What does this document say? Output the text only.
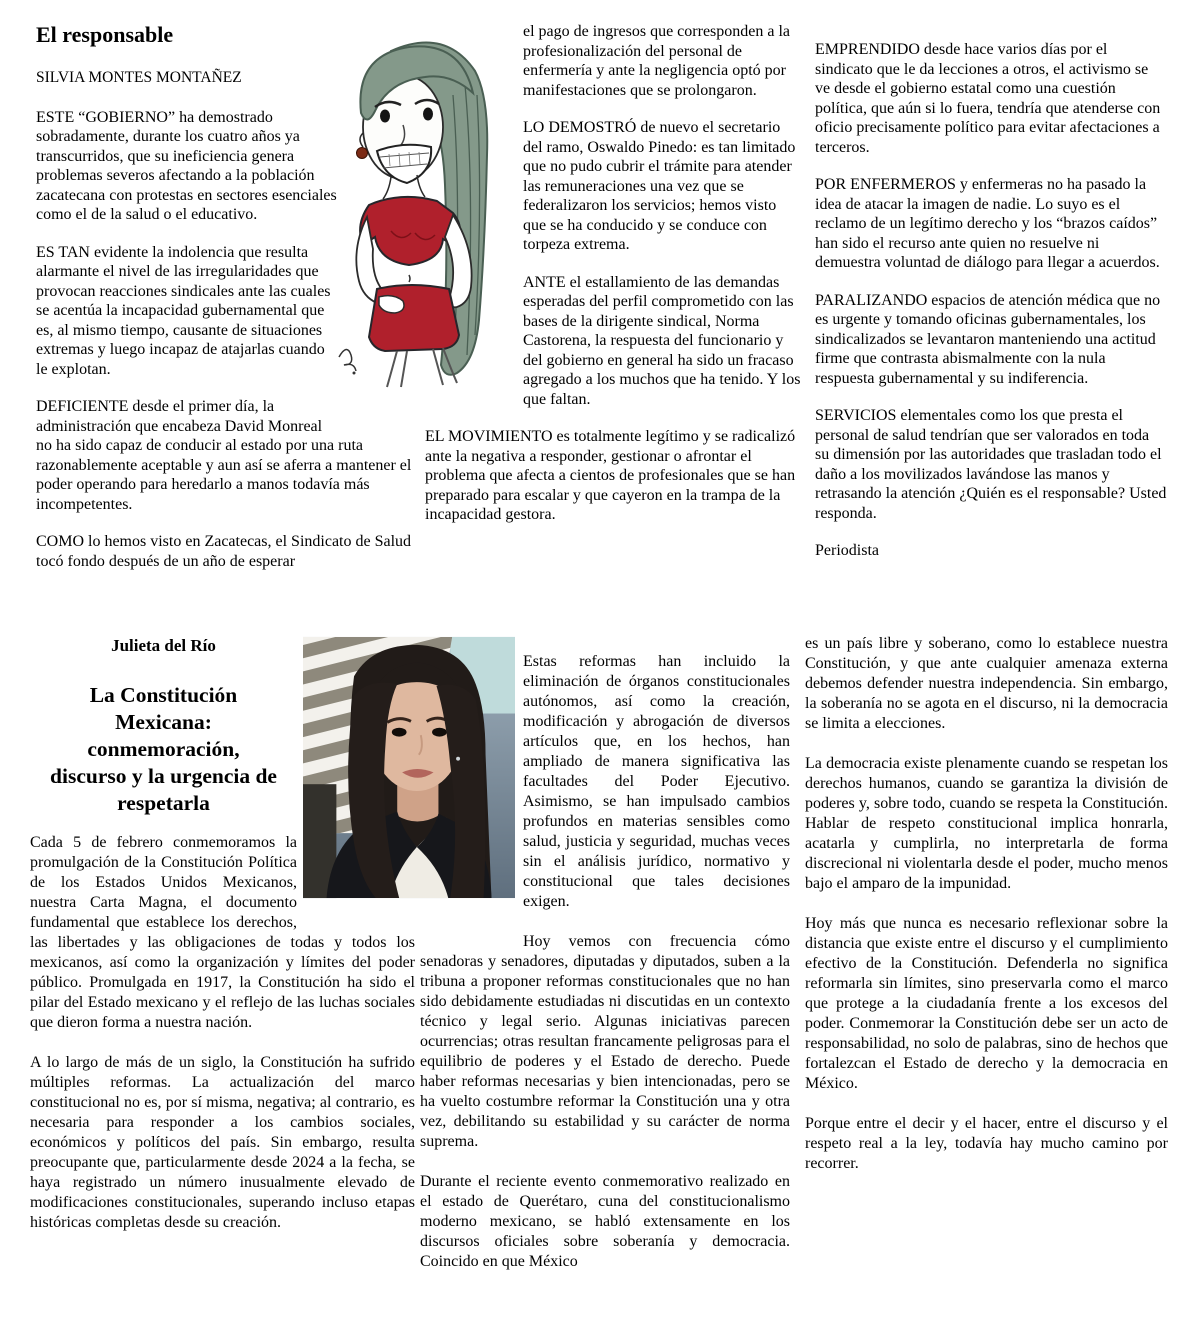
El responsable
SILVIA MONTES MONTAÑEZ

ESTE “GOBIERNO” ha demostrado sobradamente, durante los cuatro años ya transcurridos, que su ineficiencia genera problemas severos afectando a la población zacatecana con protestas en sectores esenciales como el de la salud o el educativo.

ES TAN evidente la indolencia que resulta alarmante el nivel de las irregularidades que provocan reacciones sindicales ante las cuales se acentúa la incapacidad gubernamental que es, al mismo tiempo, causante de situaciones extremas y luego incapaz de atajarlas cuando le explotan.

DEFICIENTE desde el primer día, la administración que encabeza David Monreal no ha sido capaz de conducir al estado por una ruta razonablemente aceptable y aun así se aferra a mantener el poder operando para heredarlo a manos todavía más incompetentes.

COMO lo hemos visto en Zacatecas, el Sindicato de Salud tocó fondo después de un año de esperar

el pago de ingresos que corresponden a la profesionalización del personal de enfermería y ante la negligencia optó por manifestaciones que se prolongaron.

LO DEMOSTRÓ de nuevo el secretario del ramo, Oswaldo Pinedo: es tan limitado que no pudo cubrir el trámite para atender las remuneraciones una vez que se federalizaron los servicios; hemos visto que se ha conducido y se conduce con torpeza extrema.

ANTE el estallamiento de las demandas esperadas del perfil comprometido con las bases de la dirigente sindical, Norma Castorena, la respuesta del funcionario y del gobierno en general ha sido un fracaso agregado a los muchos que ha tenido. Y los que faltan.

EL MOVIMIENTO es totalmente legítimo y se radicalizó ante la negativa a responder, gestionar o afrontar el problema que afecta a cientos de profesionales que se han preparado para escalar y que cayeron en la trampa de la incapacidad gestora.

EMPRENDIDO desde hace varios días por el sindicato que le da lecciones a otros, el activismo se ve desde el gobierno estatal como una cuestión política, que aún si lo fuera, tendría que atenderse con oficio precisamente político para evitar afectaciones a terceros.

POR ENFERMEROS y enfermeras no ha pasado la idea de atacar la imagen de nadie. Lo suyo es el reclamo de un legítimo derecho y los “brazos caídos” han sido el recurso ante quien no resuelve ni demuestra voluntad de diálogo para llegar a acuerdos.

PARALIZANDO espacios de atención médica que no es urgente y tomando oficinas gubernamentales, los sindicalizados se levantaron manteniendo una actitud firme que contrasta abismalmente con la nula respuesta gubernamental y su indiferencia.

SERVICIOS elementales como los que presta el personal de salud tendrían que ser valorados en toda su dimensión por las autoridades que trasladan todo el daño a los movilizados lavándose las manos y retrasando la atención ¿Quién es el responsable? Usted responda.

Periodista

Julieta del Río
La Constitución
Mexicana:
conmemoración,
discurso y la urgencia de
respetarla

Cada 5 de febrero conmemoramos la promulgación de la Constitución Política de los Estados Unidos Mexicanos, nuestra Carta Magna, el documento fundamental que establece los derechos, las libertades y las obligaciones de todas y todos los mexicanos, así como la organización y límites del poder público. Promulgada en 1917, la Constitución ha sido el pilar del Estado mexicano y el reflejo de las luchas sociales que dieron forma a nuestra nación.

A lo largo de más de un siglo, la Constitución ha sufrido múltiples reformas. La actualización del marco constitucional no es, por sí misma, negativa; al contrario, es necesaria para responder a los cambios sociales, económicos y políticos del país. Sin embargo, resulta preocupante que, particularmente desde 2024 a la fecha, se haya registrado un número inusualmente elevado de modificaciones constitucionales, superando incluso etapas históricas completas desde su creación.

Estas reformas han incluido la eliminación de órganos constitucionales autónomos, así como la creación, modificación y abrogación de diversos artículos que, en los hechos, han ampliado de manera significativa las facultades del Poder Ejecutivo. Asimismo, se han impulsado cambios profundos en materias sensibles como salud, justicia y seguridad, muchas veces sin el análisis jurídico, normativo y constitucional que tales decisiones exigen.

Hoy vemos con frecuencia cómo senadoras y senadores, diputadas y diputados, suben a la tribuna a proponer reformas constitucionales que no han sido debidamente estudiadas ni discutidas en un contexto técnico y legal serio. Algunas iniciativas parecen ocurrencias; otras resultan francamente peligrosas para el equilibrio de poderes y el Estado de derecho. Puede haber reformas necesarias y bien intencionadas, pero se ha vuelto costumbre reformar la Constitución una y otra vez, debilitando su estabilidad y su carácter de norma suprema.

Durante el reciente evento conmemorativo realizado en el estado de Querétaro, cuna del constitucionalismo moderno mexicano, se habló extensamente en los discursos oficiales sobre soberanía y democracia. Coincido en que México

es un país libre y soberano, como lo establece nuestra Constitución, y que ante cualquier amenaza externa debemos defender nuestra independencia. Sin embargo, la soberanía no se agota en el discurso, ni la democracia se limita a elecciones.

La democracia existe plenamente cuando se respetan los derechos humanos, cuando se garantiza la división de poderes y, sobre todo, cuando se respeta la Constitución. Hablar de respeto constitucional implica honrarla, acatarla y cumplirla, no interpretarla de forma discrecional ni violentarla desde el poder, mucho menos bajo el amparo de la impunidad.

Hoy más que nunca es necesario reflexionar sobre la distancia que existe entre el discurso y el cumplimiento efectivo de la Constitución. Defenderla no significa reformarla sin límites, sino preservarla como el marco que protege a la ciudadanía frente a los excesos del poder. Conmemorar la Constitución debe ser un acto de responsabilidad, no solo de palabras, sino de hechos que fortalezcan el Estado de derecho y la democracia en México.

Porque entre el decir y el hacer, entre el discurso y el respeto real a la ley, todavía hay mucho camino por recorrer.
